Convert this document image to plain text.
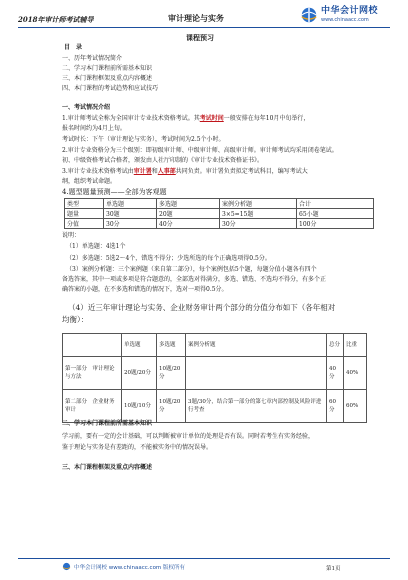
2018年审计师考试辅导	审计理论与实务
中华会计网校
www.chinaacc.com
课程预习
目　录
一、历年考试情况简介
二、学习本门课程前所需基本知识
三、本门课程框架及重点内容概述
四、本门课程的考试趋势和应试技巧
一、考试情况介绍
1.审计师考试全称为全国审计专业技术资格考试。其考试时间一般安排在每年10月中旬举行，
报名时间约为4月上旬。
考试时长：下午（审计理论与实务），考试时间为2.5个小时。
2.审计专业资格分为三个级别：即初级审计师、中级审计师、高级审计师。审计师考试均采用闭卷笔试。
初、中级资格考试合格者，颁发由人社厅印制的《审计专业技术资格证书》。
3.审计专业技术资格考试由审计署和人事部共同负责。审计署负责拟定考试科目，编写考试大
纲，组织考试命题。
4.题型题量预测——全部为客观题
类型	单选题	多选题	案例分析题	合计
题量	30题	20题	3×5=15题	65小题
分值	30分	40分	30分	100分
说明：
（1）单选题：4选1个
（2）多选题：5选2～4个，错选不得分；少选所选的每个正确选项得0.5分。
（3）案例分析题：三个案例题（来自第二部分），每个案例包括5个题，每题分值小题各有四个
备选答案，其中一项或多项是符合题意的，全部选对得满分，多选、错选、不选均不得分，有多个正
确答案的小题，在不多选和错选的情况下，选对一项得0.5分。
（4）近三年审计理论与实务、企业财务审计两个部分的分值分布如下（各年相对
均衡）：
	单选题	多选题	案例分析题	总分	比重
第一部分　审计理论与方法	20题/20分	10题/20分		40分	40%
第二部分　企业财务审计	10题/10分	10题/20分	3题/30分，结合第一部分的第七章内部控制及风险评进行考查	60分	60%
二、学习本门课程前所需基本知识
学习前，要有一定的会计基础，可以判断被审计单位的处理是否有误。同时若考生有实务经验，
鉴于理论与实务是有差距的，不能被实务中的情况误导。
三、本门课程框架及重点内容概述
中华会计网校 www.chinaacc.com 版权所有	第1页
